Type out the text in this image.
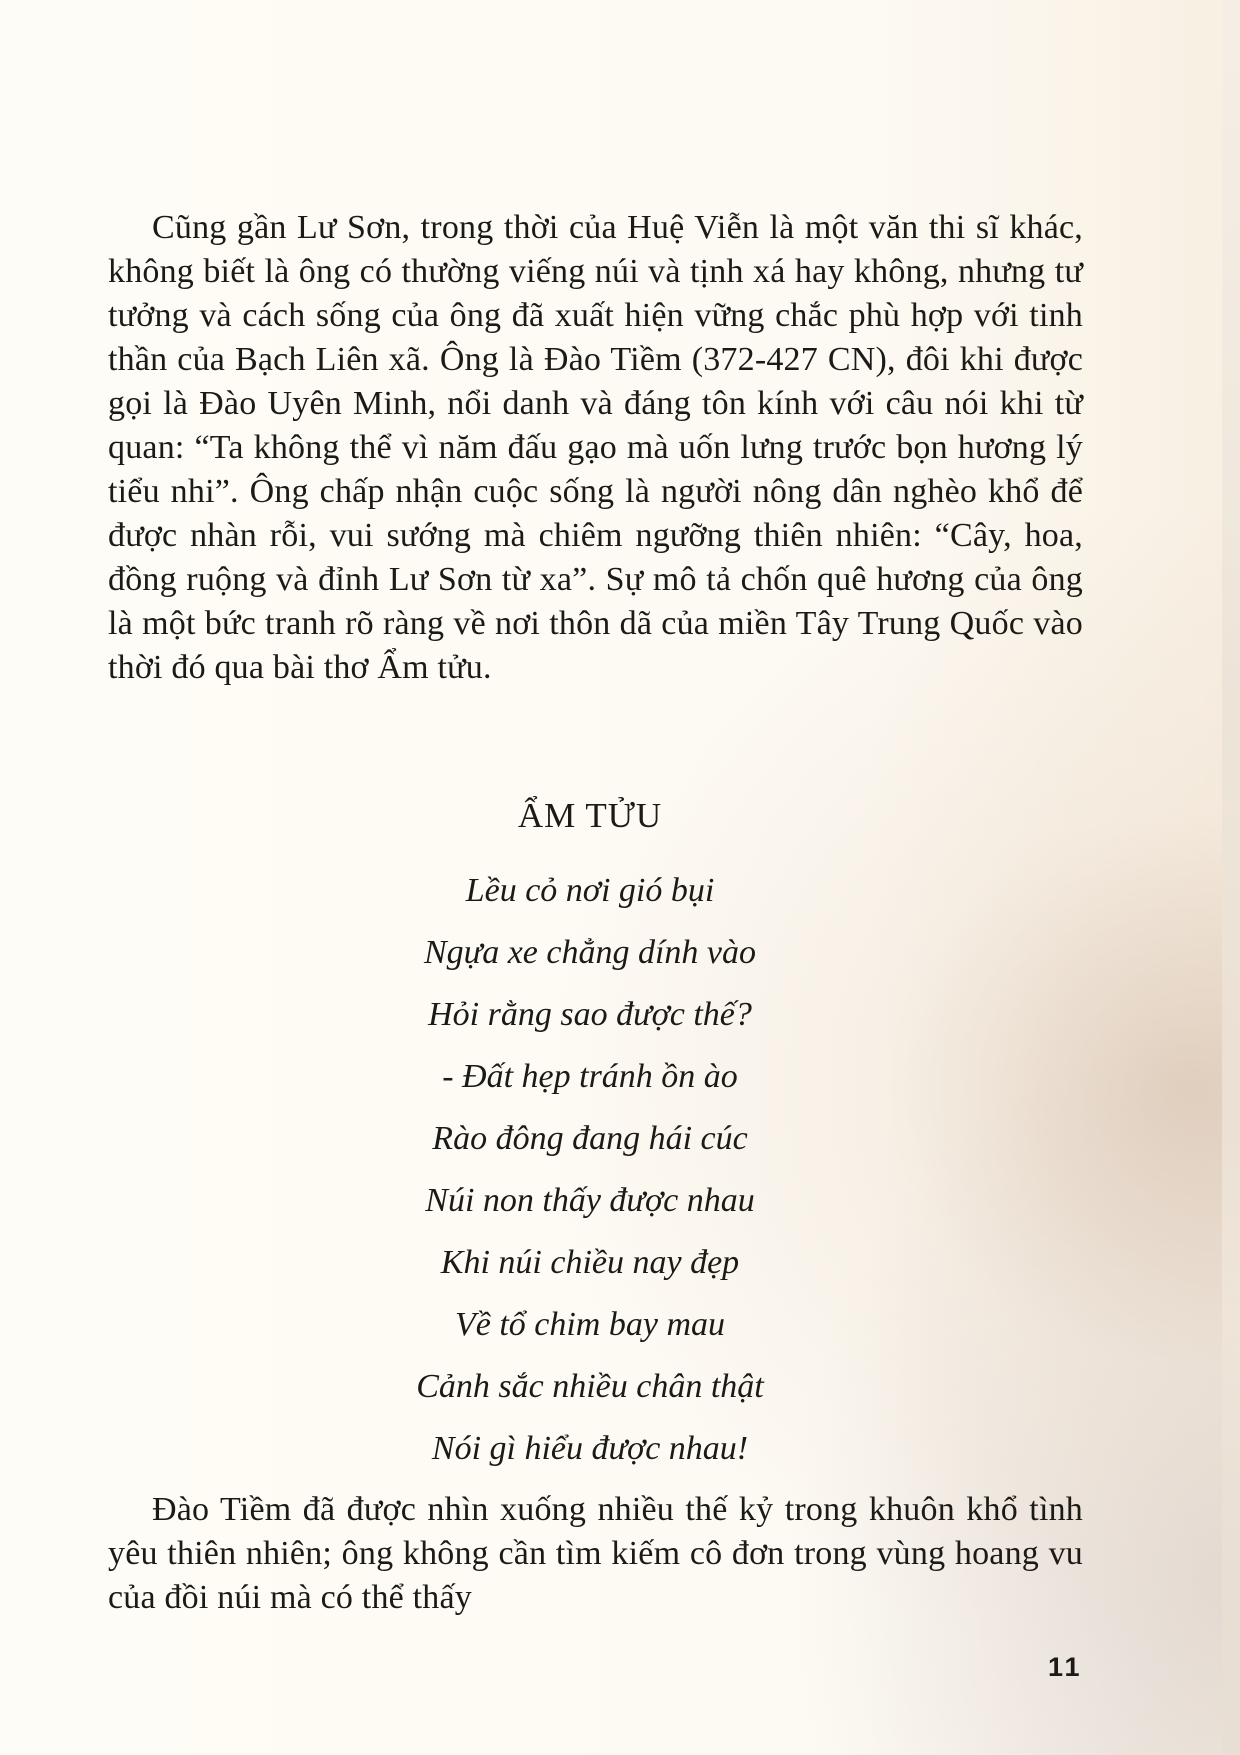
Cũng gần Lư Sơn, trong thời của Huệ Viễn là một văn thi sĩ khác, không biết là ông có thường viếng núi và tịnh xá hay không, nhưng tư tưởng và cách sống của ông đã xuất hiện vững chắc phù hợp với tinh thần của Bạch Liên xã. Ông là Đào Tiềm (372-427 CN), đôi khi được gọi là Đào Uyên Minh, nổi danh và đáng tôn kính với câu nói khi từ quan: “Ta không thể vì năm đấu gạo mà uốn lưng trước bọn hương lý tiểu nhi”. Ông chấp nhận cuộc sống là người nông dân nghèo khổ để được nhàn rỗi, vui sướng mà chiêm ngưỡng thiên nhiên: “Cây, hoa, đồng ruộng và đỉnh Lư Sơn từ xa”. Sự mô tả chốn quê hương của ông là một bức tranh rõ ràng về nơi thôn dã của miền Tây Trung Quốc vào thời đó qua bài thơ Ẩm tửu.

ẨM TỬU
Lều cỏ nơi gió bụi
Ngựa xe chẳng dính vào
Hỏi rằng sao được thế?
- Đất hẹp tránh ồn ào
Rào đông đang hái cúc
Núi non thấy được nhau
Khi núi chiều nay đẹp
Về tổ chim bay mau
Cảnh sắc nhiều chân thật
Nói gì hiểu được nhau!

Đào Tiềm đã được nhìn xuống nhiều thế kỷ trong khuôn khổ tình yêu thiên nhiên; ông không cần tìm kiếm cô đơn trong vùng hoang vu của đồi núi mà có thể thấy

11
